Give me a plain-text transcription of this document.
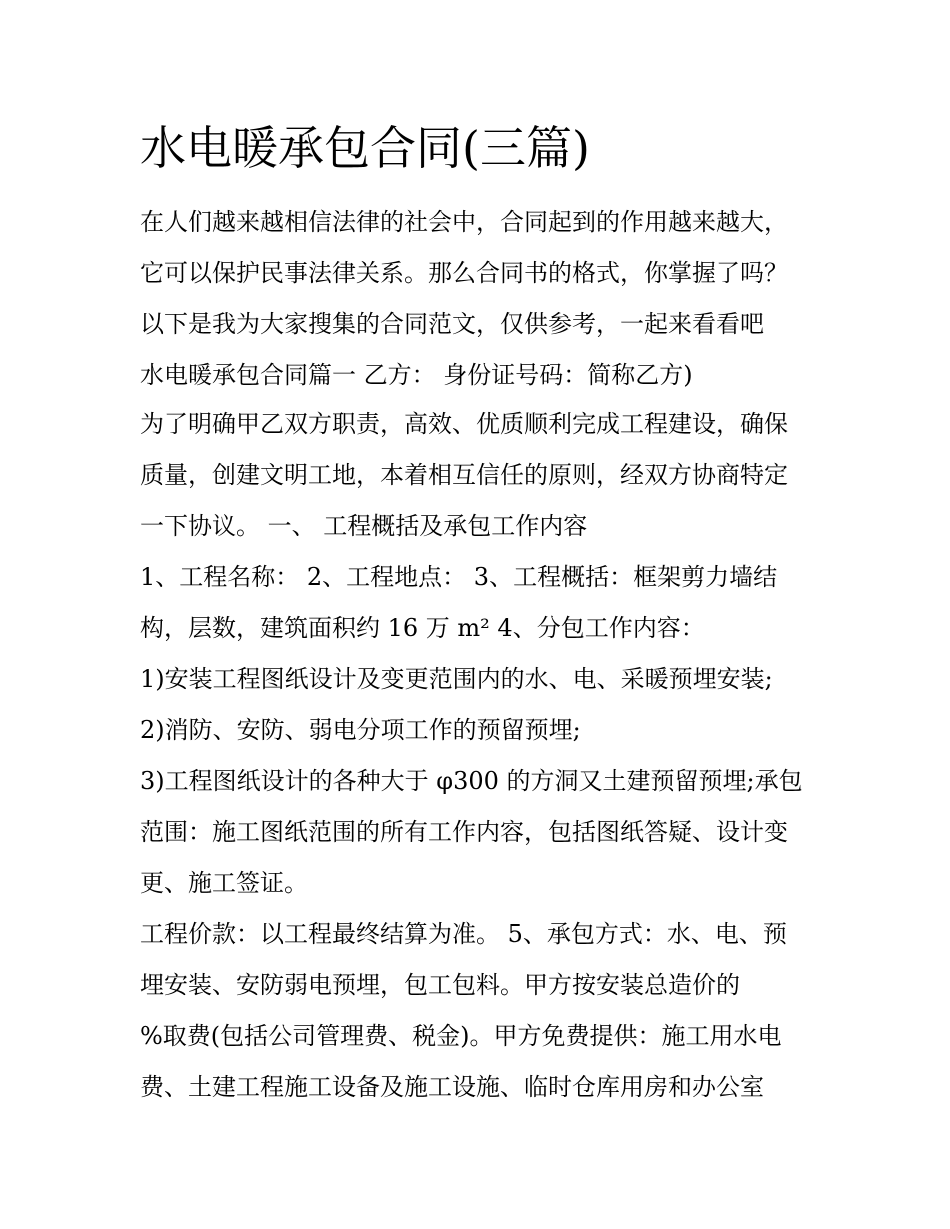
水电暖承包合同(三篇)

在人们越来越相信法律的社会中，合同起到的作用越来越大，

它可以保护民事法律关系。那么合同书的格式，你掌握了吗？

以下是我为大家搜集的合同范文，仅供参考，一起来看看吧

水电暖承包合同篇一 乙方： 身份证号码：简称乙方)

为了明确甲乙双方职责，高效、优质顺利完成工程建设，确保

质量，创建文明工地，本着相互信任的原则，经双方协商特定

一下协议。 一、 工程概括及承包工作内容

1、工程名称： 2、工程地点： 3、工程概括：框架剪力墙结

构，层数，建筑面积约 16 万 m² 4、分包工作内容：

1)安装工程图纸设计及变更范围内的水、电、采暖预埋安装;

2)消防、安防、弱电分项工作的预留预埋;

3)工程图纸设计的各种大于 φ300 的方洞又土建预留预埋;承包

范围：施工图纸范围的所有工作内容，包括图纸答疑、设计变

更、施工签证。

工程价款：以工程最终结算为准。 5、承包方式：水、电、预

埋安装、安防弱电预埋，包工包料。甲方按安装总造价的

%取费(包括公司管理费、税金)。甲方免费提供：施工用水电

费、土建工程施工设备及施工设施、临时仓库用房和办公室
